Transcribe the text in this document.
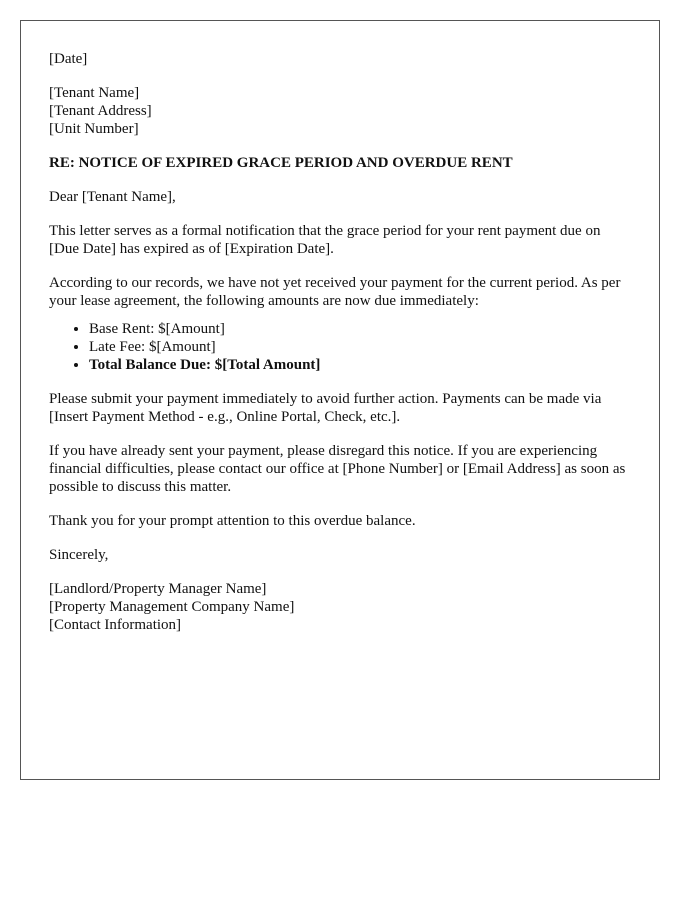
[Date]

[Tenant Name]
[Tenant Address]
[Unit Number]

RE: NOTICE OF EXPIRED GRACE PERIOD AND OVERDUE RENT

Dear [Tenant Name],

This letter serves as a formal notification that the grace period for your rent payment due on [Due Date] has expired as of [Expiration Date].

According to our records, we have not yet received your payment for the current period. As per your lease agreement, the following amounts are now due immediately:

• Base Rent: $[Amount]
• Late Fee: $[Amount]
• Total Balance Due: $[Total Amount]

Please submit your payment immediately to avoid further action. Payments can be made via [Insert Payment Method - e.g., Online Portal, Check, etc.].

If you have already sent your payment, please disregard this notice. If you are experiencing financial difficulties, please contact our office at [Phone Number] or [Email Address] as soon as possible to discuss this matter.

Thank you for your prompt attention to this overdue balance.

Sincerely,

[Landlord/Property Manager Name]
[Property Management Company Name]
[Contact Information]
